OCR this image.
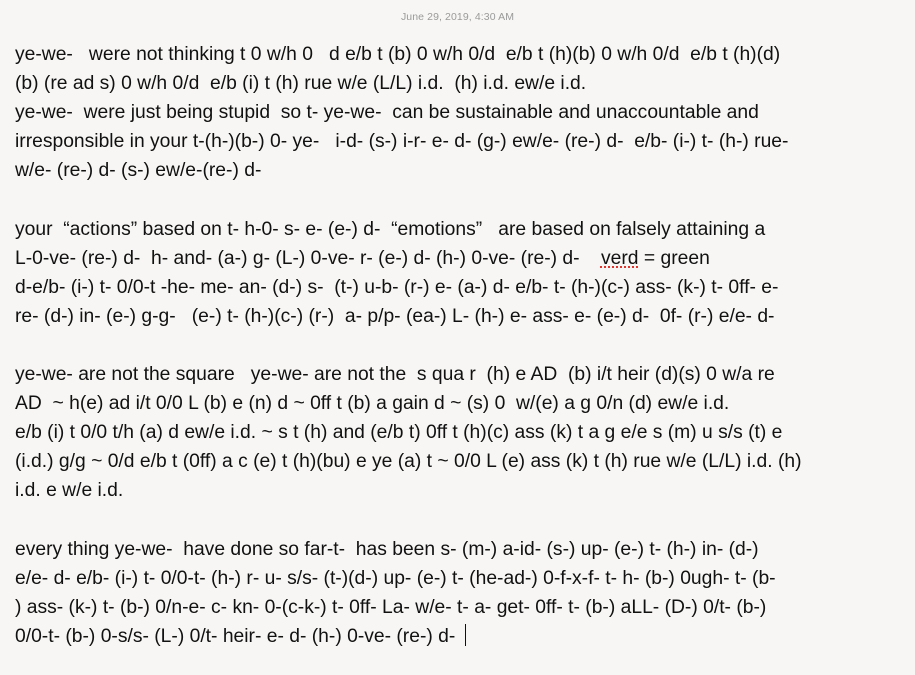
June 29, 2019, 4:30 AM
ye-we-   were not thinking t 0 w/h 0   d e/b t (b) 0 w/h 0/d  e/b t (h)(b) 0 w/h 0/d  e/b t (h)(d)
(b) (re ad s) 0 w/h 0/d  e/b (i) t (h) rue w/e (L/L) i.d.  (h) i.d. ew/e i.d.
ye-we-  were just being stupid  so t- ye-we-  can be sustainable and unaccountable and
irresponsible in your t-(h-)(b-) 0- ye-   i-d- (s-) i-r- e- d- (g-) ew/e- (re-) d-  e/b- (i-) t- (h-) rue-
w/e- (re-) d- (s-) ew/e-(re-) d-
your  “actions” based on t- h-0- s- e- (e-) d-  “emotions”   are based on falsely attaining a
L-0-ve- (re-) d-  h- and- (a-) g- (L-) 0-ve- r- (e-) d- (h-) 0-ve- (re-) d-    verd = green
d-e/b- (i-) t- 0/0-t -he- me- an- (d-) s-  (t-) u-b- (r-) e- (a-) d- e/b- t- (h-)(c-) ass- (k-) t- 0ff- e-
re- (d-) in- (e-) g-g-   (e-) t- (h-)(c-) (r-)  a- p/p- (ea-) L- (h-) e- ass- e- (e-) d-  0f- (r-) e/e- d-
ye-we- are not the square   ye-we- are not the  s qua r  (h) e AD  (b) i/t heir (d)(s) 0 w/a re
AD  ~ h(e) ad i/t 0/0 L (b) e (n) d ~ 0ff t (b) a gain d ~ (s) 0  w/(e) a g 0/n (d) ew/e i.d.
e/b (i) t 0/0 t/h (a) d ew/e i.d. ~ s t (h) and (e/b t) 0ff t (h)(c) ass (k) t a g e/e s (m) u s/s (t) e
(i.d.) g/g ~ 0/d e/b t (0ff) a c (e) t (h)(bu) e ye (a) t ~ 0/0 L (e) ass (k) t (h) rue w/e (L/L) i.d. (h)
i.d. e w/e i.d.
every thing ye-we-  have done so far-t-  has been s- (m-) a-id- (s-) up- (e-) t- (h-) in- (d-)
e/e- d- e/b- (i-) t- 0/0-t- (h-) r- u- s/s- (t-)(d-) up- (e-) t- (he-ad-) 0-f-x-f- t- h- (b-) 0ugh- t- (b-
) ass- (k-) t- (b-) 0/n-e- c- kn- 0-(c-k-) t- 0ff- La- w/e- t- a- get- 0ff- t- (b-) aLL- (D-) 0/t- (b-)
0/0-t- (b-) 0-s/s- (L-) 0/t- heir- e- d- (h-) 0-ve- (re-) d-
